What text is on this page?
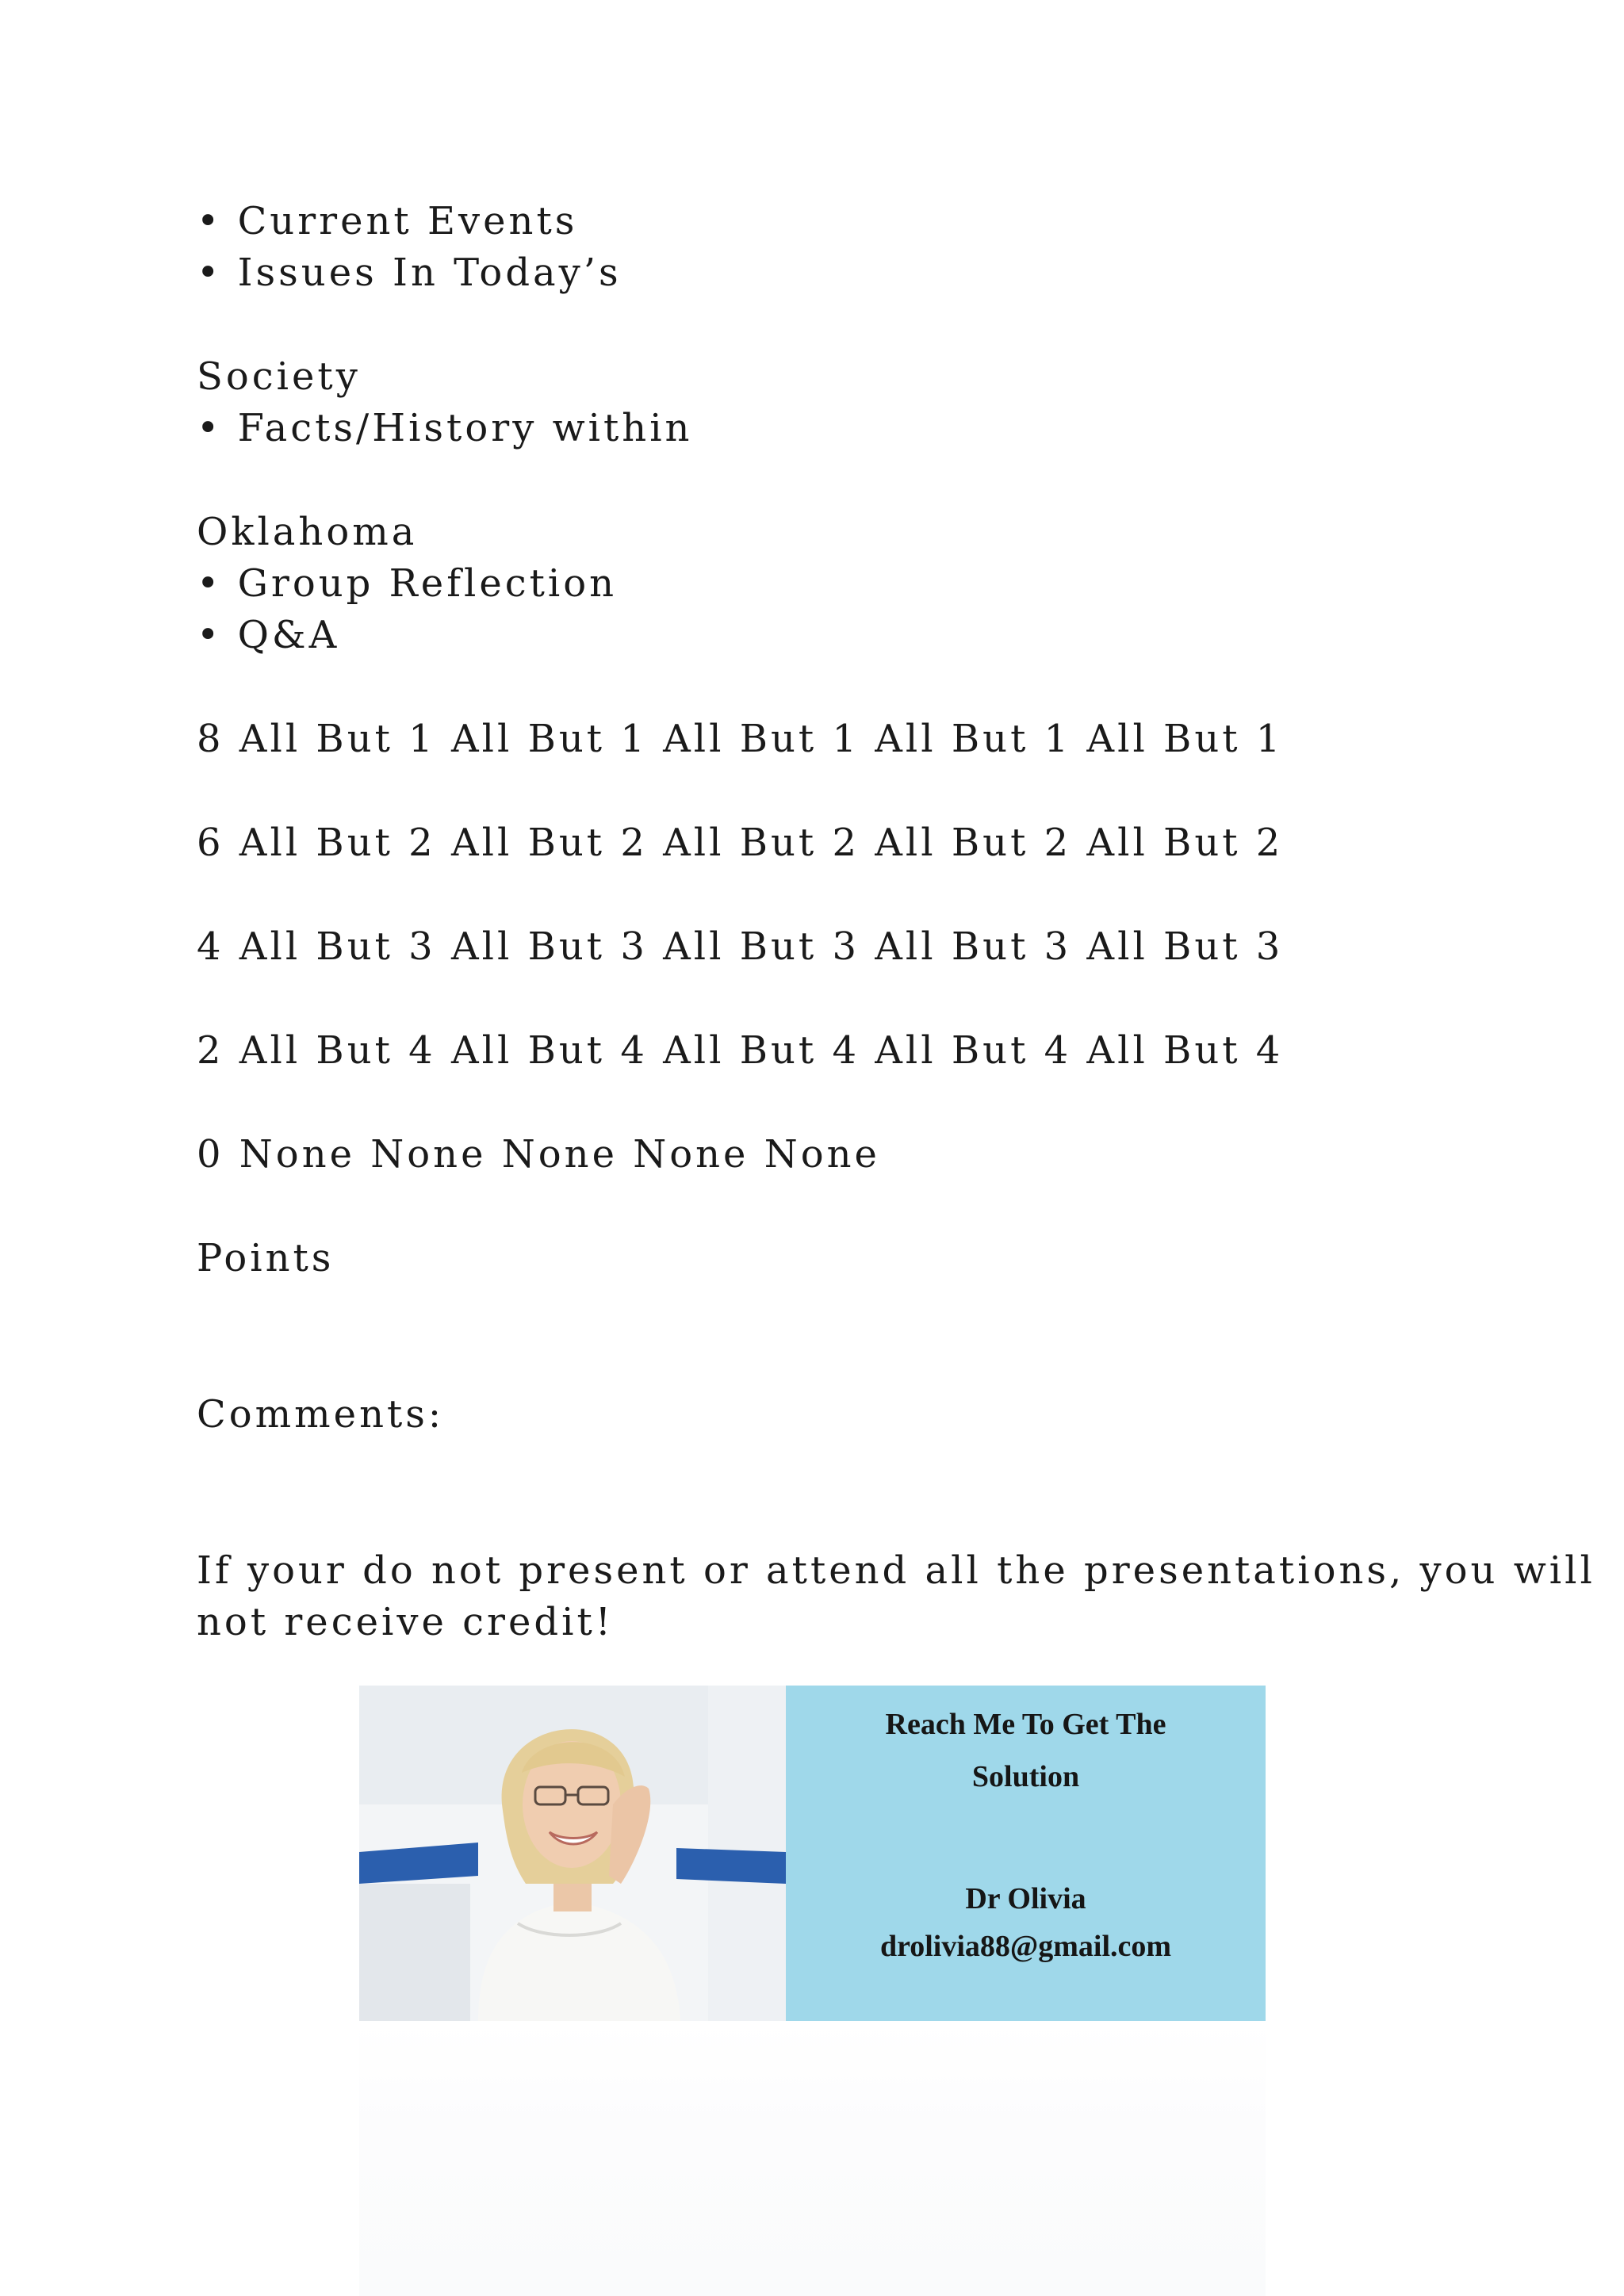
• Current Events
• Issues In Today’s
Society
• Facts/History within
Oklahoma
• Group Reflection
• Q&A
8 All But 1 All But 1 All But 1 All But 1 All But 1
6 All But 2 All But 2 All But 2 All But 2 All But 2
4 All But 3 All But 3 All But 3 All But 3 All But 3
2 All But 4 All But 4 All But 4 All But 4 All But 4
0 None None None None None
Points
Comments:
If your do not present or attend all the presentations, you will
not receive credit!
Reach Me To Get The
Solution
Dr Olivia
drolivia88@gmail.com
